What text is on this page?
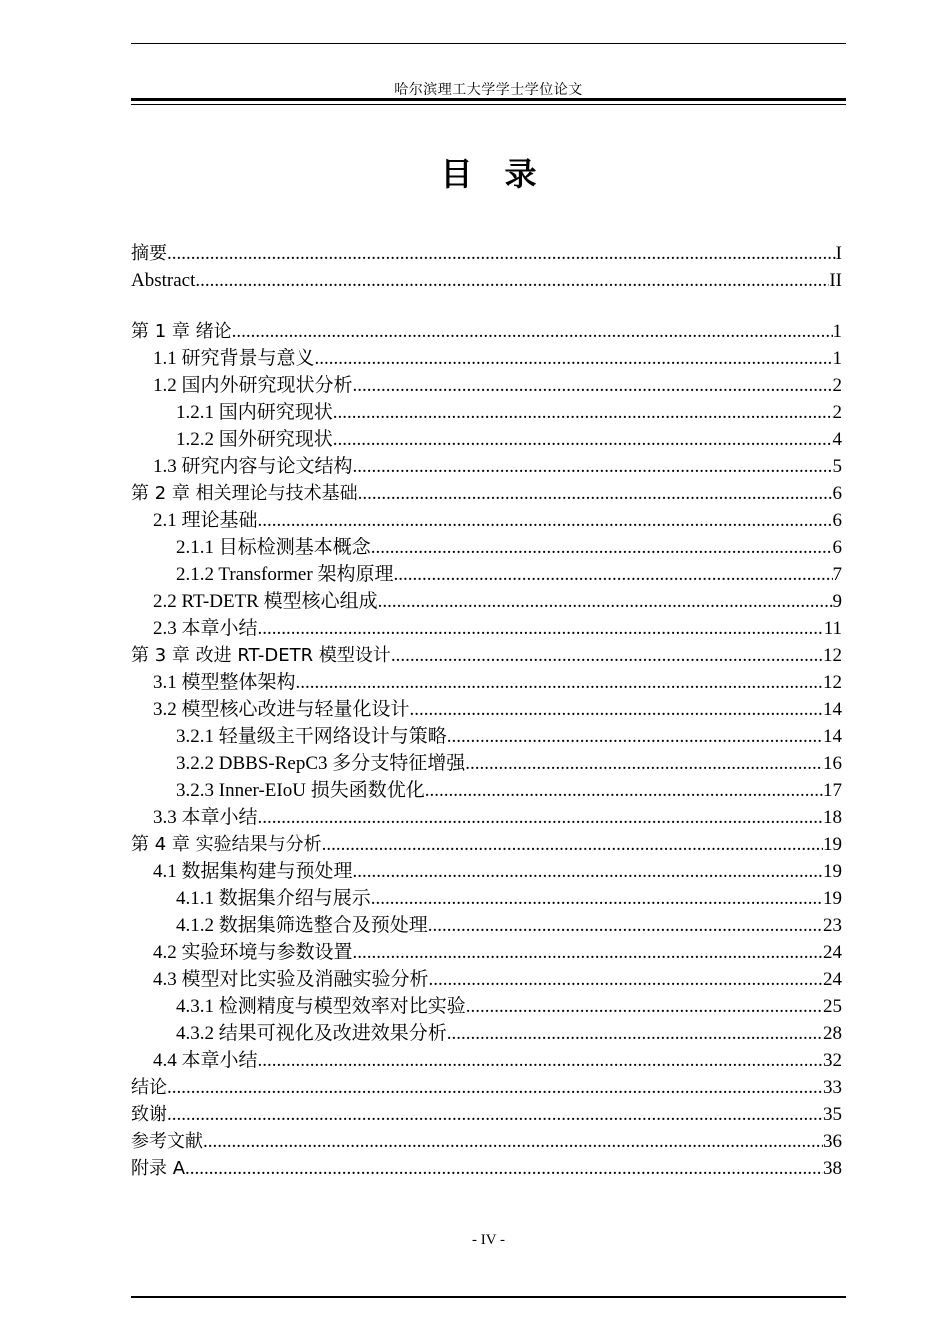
哈尔滨理工大学学士学位论文
目　录
摘要 .....	I
Abstract .....	II
第 1 章 绪论 .....	1
1.1 研究背景与意义 .....	1
1.2 国内外研究现状分析 .....	2
1.2.1 国内研究现状 .....	2
1.2.2 国外研究现状 .....	4
1.3 研究内容与论文结构 .....	5
第 2 章 相关理论与技术基础 .....	6
2.1 理论基础 .....	6
2.1.1 目标检测基本概念 .....	6
2.1.2 Transformer 架构原理 .....	7
2.2 RT-DETR 模型核心组成 .....	9
2.3 本章小结 .....	11
第 3 章 改进 RT-DETR 模型设计 .....	12
3.1 模型整体架构 .....	12
3.2 模型核心改进与轻量化设计 .....	14
3.2.1 轻量级主干网络设计与策略 .....	14
3.2.2 DBBS-RepC3 多分支特征增强 .....	16
3.2.3 Inner-EIoU 损失函数优化 .....	17
3.3 本章小结 .....	18
第 4 章 实验结果与分析 .....	19
4.1 数据集构建与预处理 .....	19
4.1.1 数据集介绍与展示 .....	19
4.1.2 数据集筛选整合及预处理 .....	23
4.2 实验环境与参数设置 .....	24
4.3 模型对比实验及消融实验分析 .....	24
4.3.1 检测精度与模型效率对比实验 .....	25
4.3.2 结果可视化及改进效果分析 .....	28
4.4 本章小结 .....	32
结论 .....	33
致谢 .....	35
参考文献 .....	36
附录 A .....	38
- IV -
